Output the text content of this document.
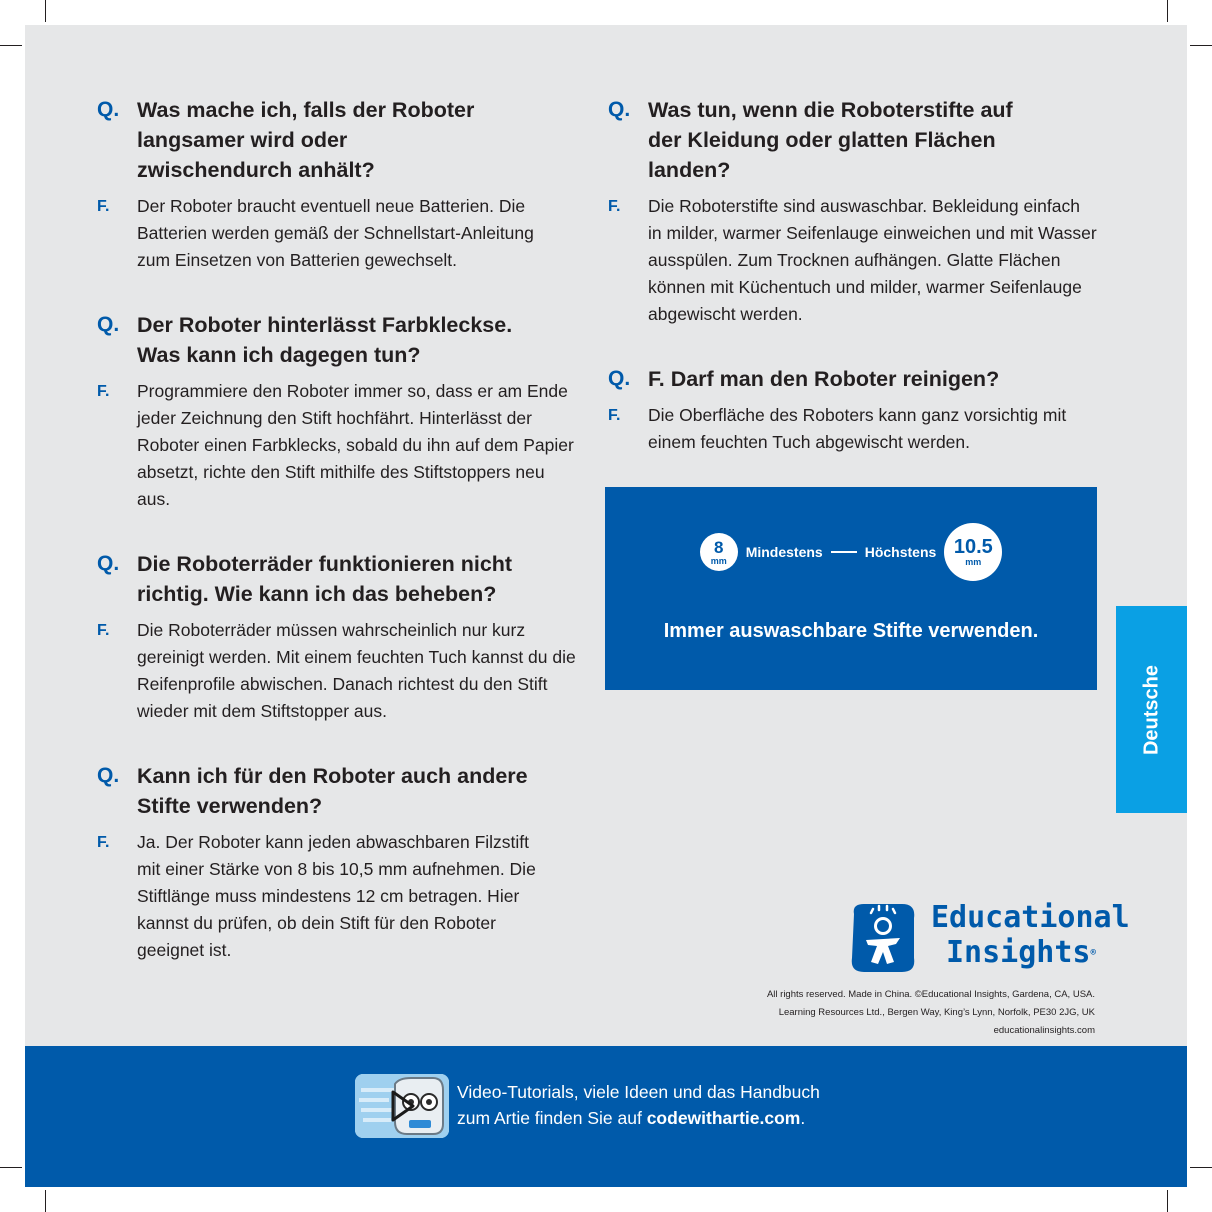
Q. Was mache ich, falls der Roboter langsamer wird oder zwischendurch anhält?
F.	Der Roboter braucht eventuell neue Batterien. Die Batterien werden gemäß der Schnellstart-Anleitung zum Einsetzen von Batterien gewechselt.
Q. Der Roboter hinterlässt Farbkleckse. Was kann ich dagegen tun?
F.	Programmiere den Roboter immer so, dass er am Ende jeder Zeichnung den Stift hochfährt. Hinterlässt der Roboter einen Farbklecks, sobald du ihn auf dem Papier absetzt, richte den Stift mithilfe des Stiftstoppers neu aus.
Q. Die Roboterräder funktionieren nicht richtig. Wie kann ich das beheben?
F.	Die Roboterräder müssen wahrscheinlich nur kurz gereinigt werden. Mit einem feuchten Tuch kannst du die Reifenprofile abwischen. Danach richtest du den Stift wieder mit dem Stiftstopper aus.
Q. Kann ich für den Roboter auch andere Stifte verwenden?
F.	Ja. Der Roboter kann jeden abwaschbaren Filzstift mit einer Stärke von 8 bis 10,5 mm aufnehmen. Die Stiftlänge muss mindestens 12 cm betragen. Hier kannst du prüfen, ob dein Stift für den Roboter geeignet ist.
Q. Was tun, wenn die Roboterstifte auf der Kleidung oder glatten Flächen landen?
F.	Die Roboterstifte sind auswaschbar. Bekleidung einfach in milder, warmer Seifenlauge einweichen und mit Wasser ausspülen. Zum Trocknen aufhängen. Glatte Flächen können mit Küchentuch und milder, warmer Seifenlauge abgewischt werden.
Q. F. Darf man den Roboter reinigen?
F.	Die Oberfläche des Roboters kann ganz vorsichtig mit einem feuchten Tuch abgewischt werden.
8
mm
Mindestens	Höchstens 10.5
mm
Immer auswaschbare Stifte verwenden.
Deutsche
Educational
Insights®
All rights reserved. Made in China. ©Educational Insights, Gardena, CA, USA.
Learning Resources Ltd., Bergen Way, King’s Lynn, Norfolk, PE30 2JG, UK
educationalinsights.com
Video-Tutorials, viele Ideen und das Handbuch
zum Artie finden Sie auf codewithartie.com.
